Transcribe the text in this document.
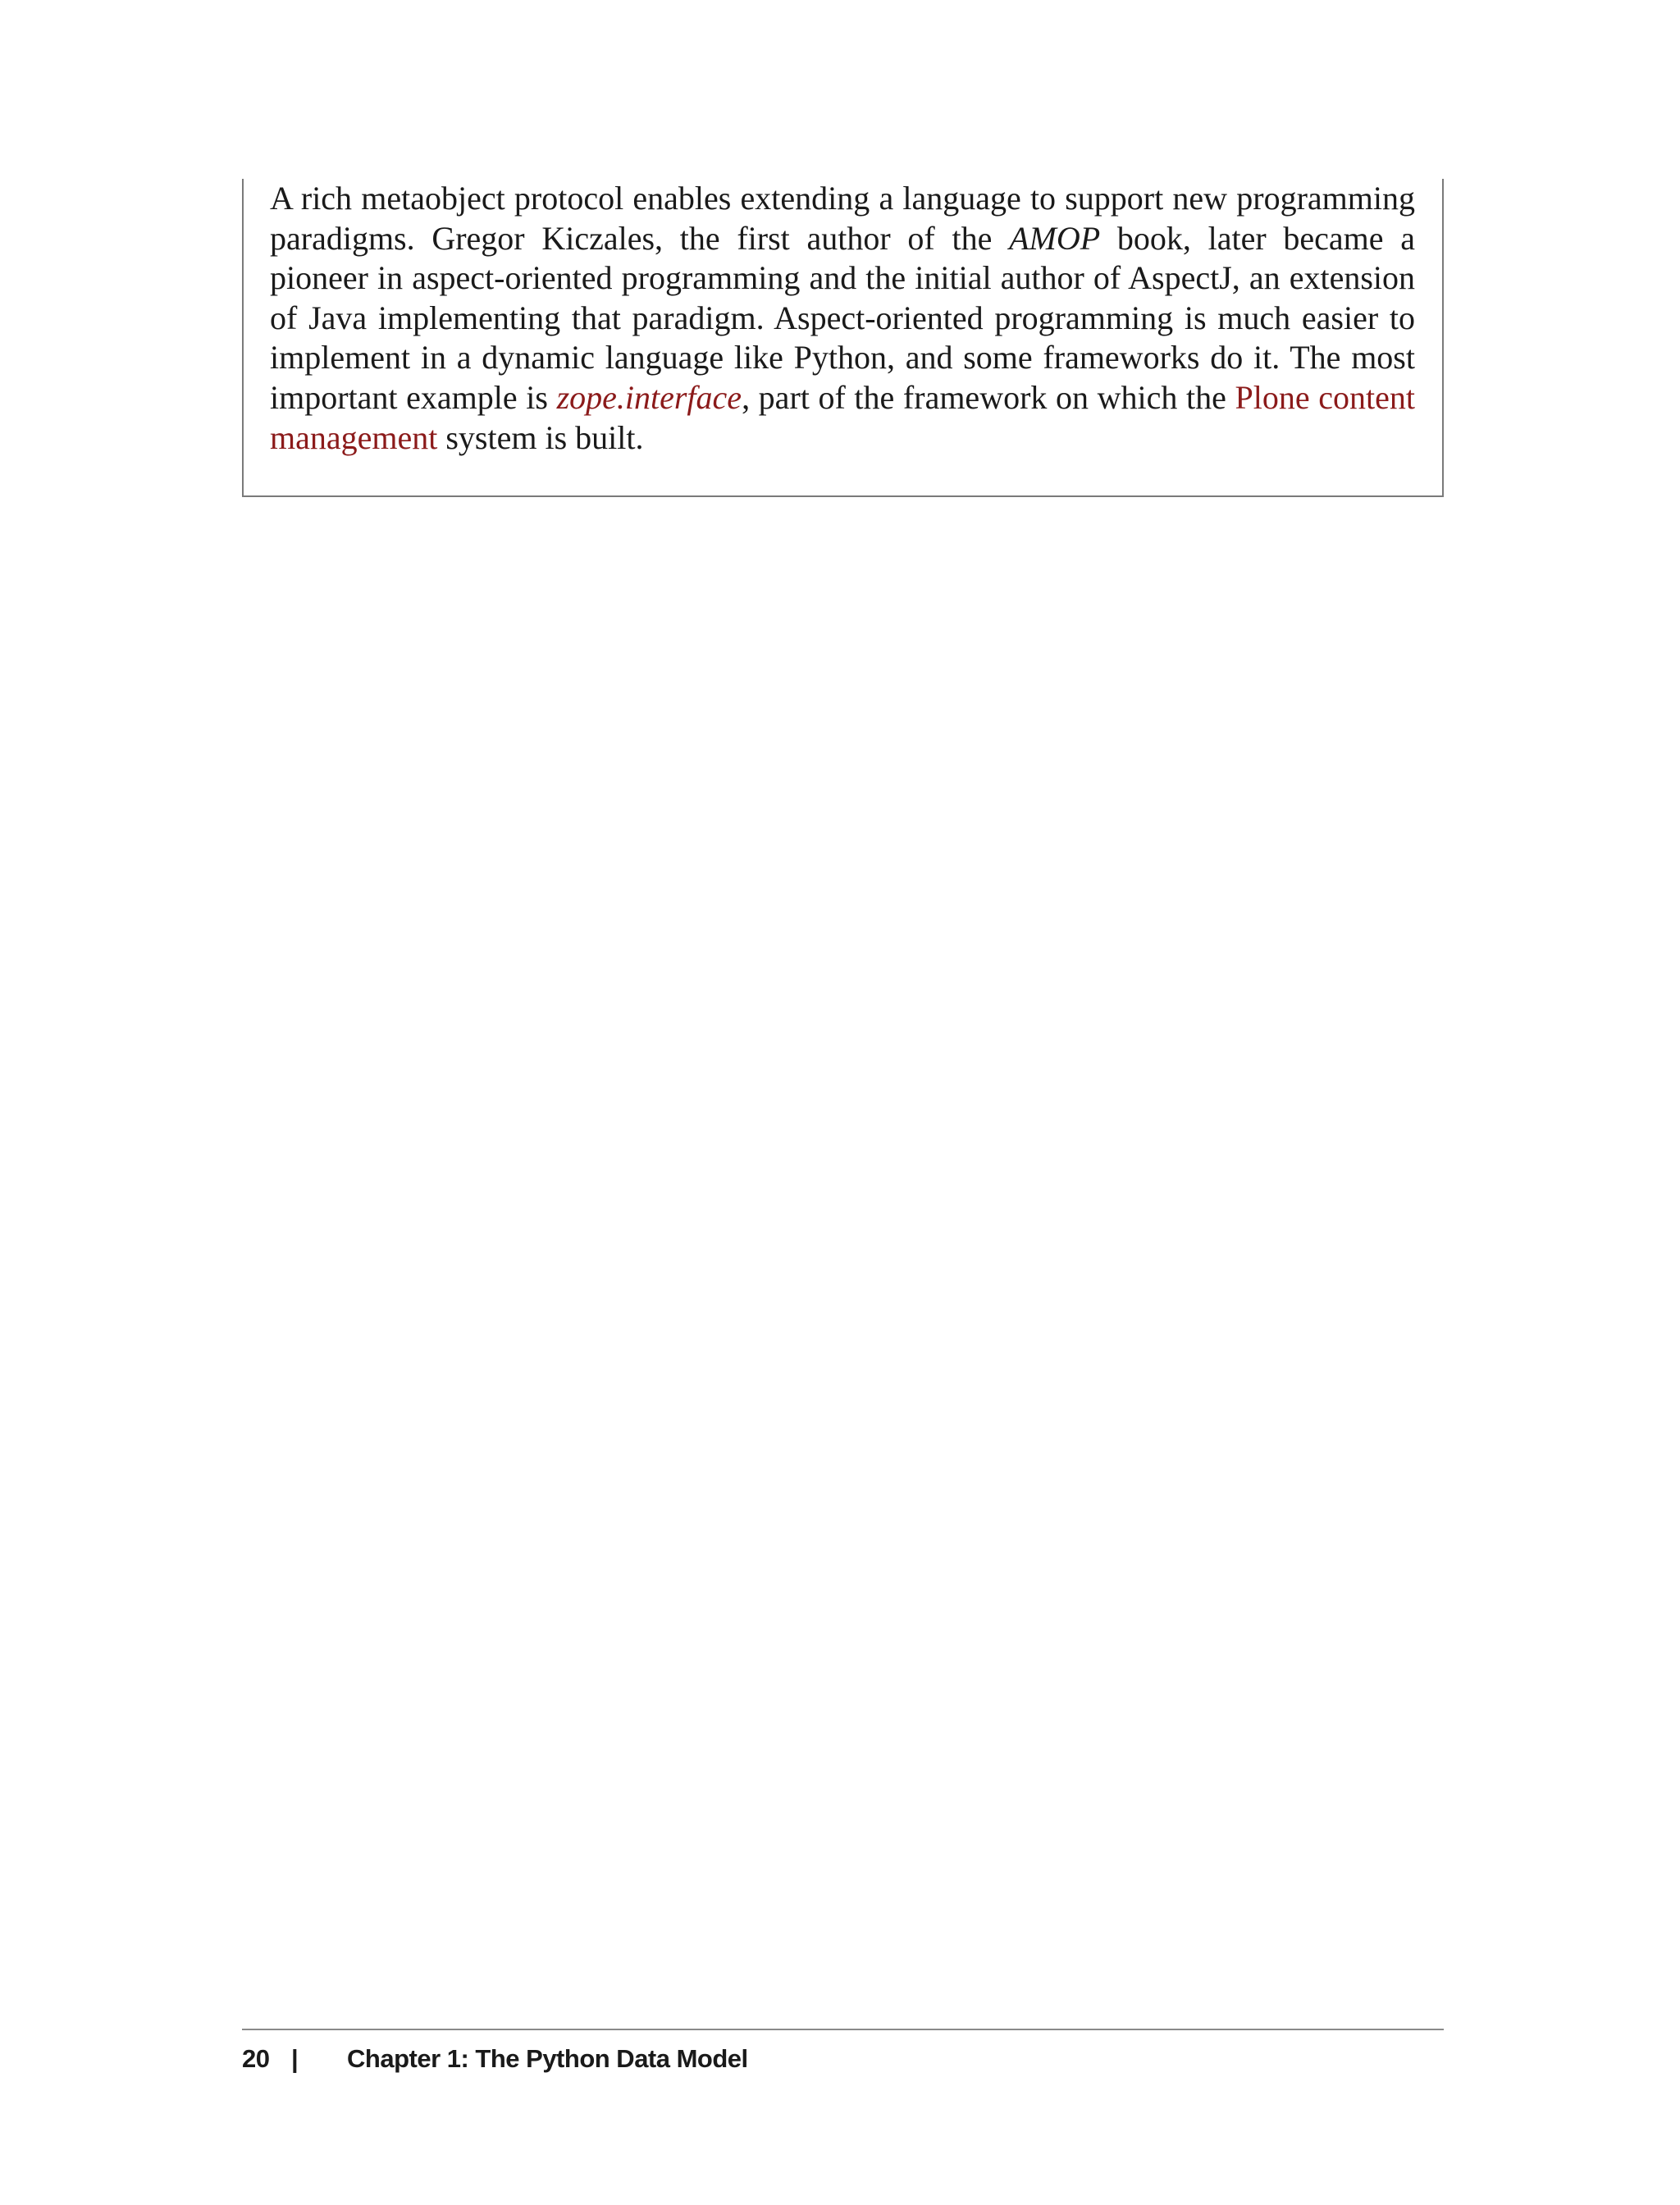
A rich metaobject protocol enables extending a language to support new programming paradigms. Gregor Kiczales, the first author of the AMOP book, later became a pioneer in aspect-oriented programming and the initial author of AspectJ, an extension of Java implementing that paradigm. Aspect-oriented programming is much easier to implement in a dynamic language like Python, and some frameworks do it. The most important example is zope.interface, part of the framework on which the Plone content management system is built.

20 |	Chapter 1: The Python Data Model
